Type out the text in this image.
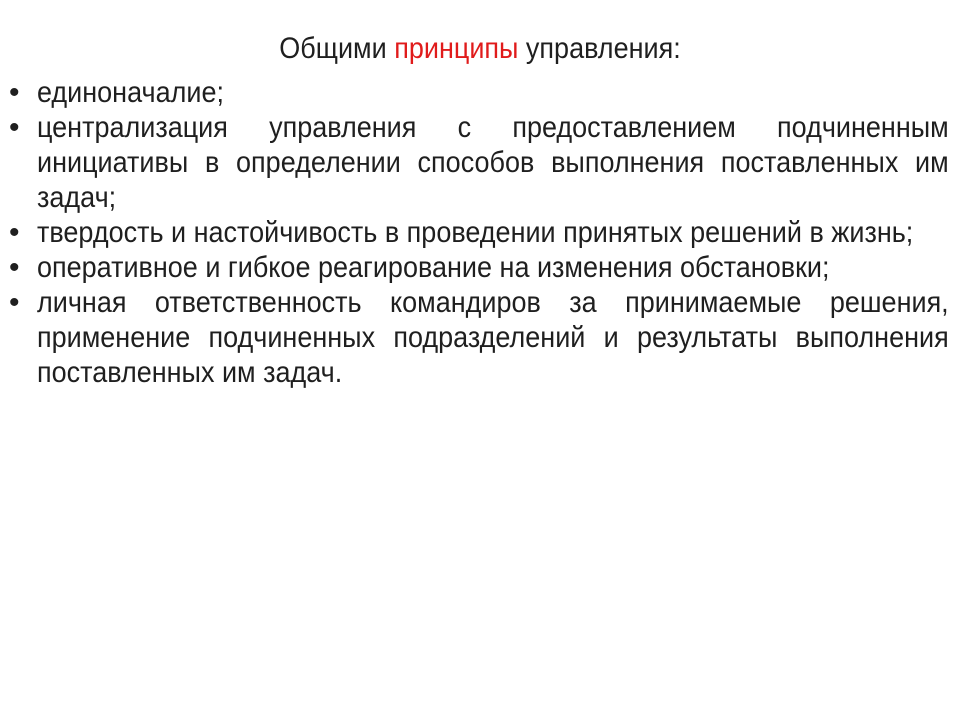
Общими принципы управления:
• единоначалие;
• централизация управления с предоставлением подчиненным инициативы в определении способов выполнения поставленных им задач;
• твердость и настойчивость в проведении принятых решений в жизнь;
• оперативное и гибкое реагирование на изменения обстановки;
• личная ответственность командиров за принимаемые решения, применение подчиненных подразделений и результаты выполнения поставленных им задач.
